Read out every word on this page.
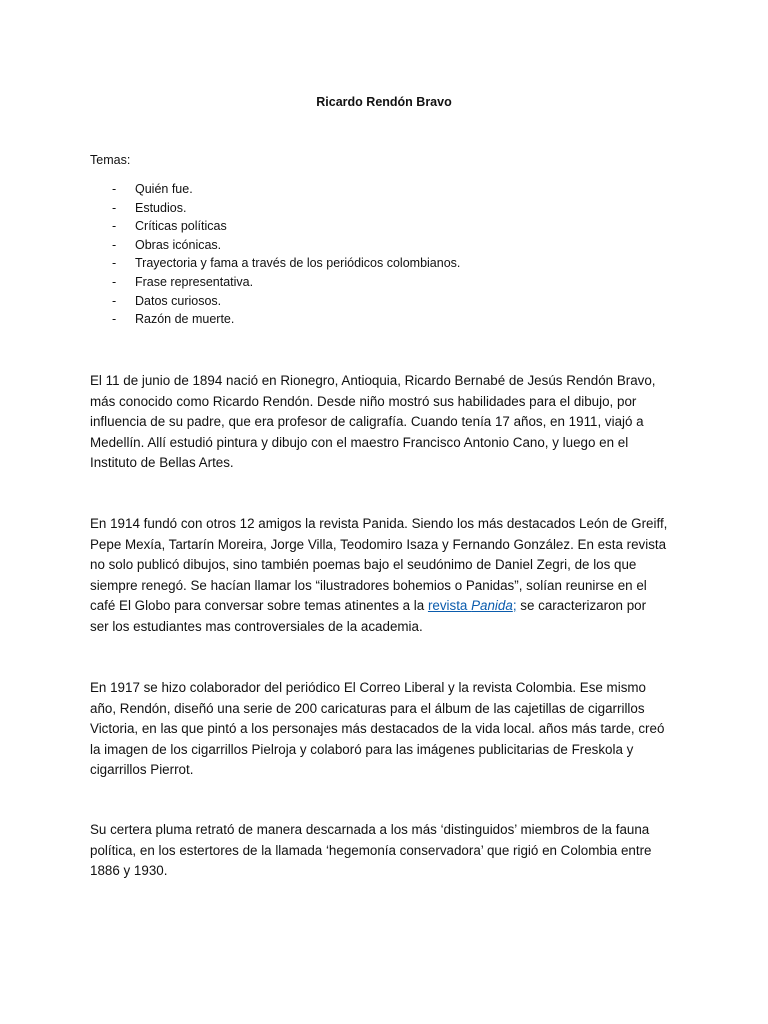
Ricardo Rendón Bravo
Temas:
- Quién fue.
- Estudios.
- Críticas políticas
- Obras icónicas.
- Trayectoria y fama a través de los periódicos colombianos.
- Frase representativa.
- Datos curiosos.
- Razón de muerte.

El 11 de junio de 1894 nació en Rionegro, Antioquia, Ricardo Bernabé de Jesús Rendón Bravo,
más conocido como Ricardo Rendón. Desde niño mostró sus habilidades para el dibujo, por
influencia de su padre, que era profesor de caligrafía. Cuando tenía 17 años, en 1911, viajó a
Medellín. Allí estudió pintura y dibujo con el maestro Francisco Antonio Cano, y luego en el
Instituto de Bellas Artes.

En 1914 fundó con otros 12 amigos la revista Panida. Siendo los más destacados León de Greiff,
Pepe Mexía, Tartarín Moreira, Jorge Villa, Teodomiro Isaza y Fernando González. En esta revista
no solo publicó dibujos, sino también poemas bajo el seudónimo de Daniel Zegri, de los que
siempre renegó. Se hacían llamar los “ilustradores bohemios o Panidas”, solían reunirse en el
café El Globo para conversar sobre temas atinentes a la revista Panida; se caracterizaron por
ser los estudiantes mas controversiales de la academia.

En 1917 se hizo colaborador del periódico El Correo Liberal y la revista Colombia. Ese mismo
año, Rendón, diseñó una serie de 200 caricaturas para el álbum de las cajetillas de cigarrillos
Victoria, en las que pintó a los personajes más destacados de la vida local. años más tarde, creó
la imagen de los cigarrillos Pielroja y colaboró para las imágenes publicitarias de Freskola y
cigarrillos Pierrot.

Su certera pluma retrató de manera descarnada a los más ‘distinguidos’ miembros de la fauna
política, en los estertores de la llamada ‘hegemonía conservadora’ que rigió en Colombia entre
1886 y 1930.
